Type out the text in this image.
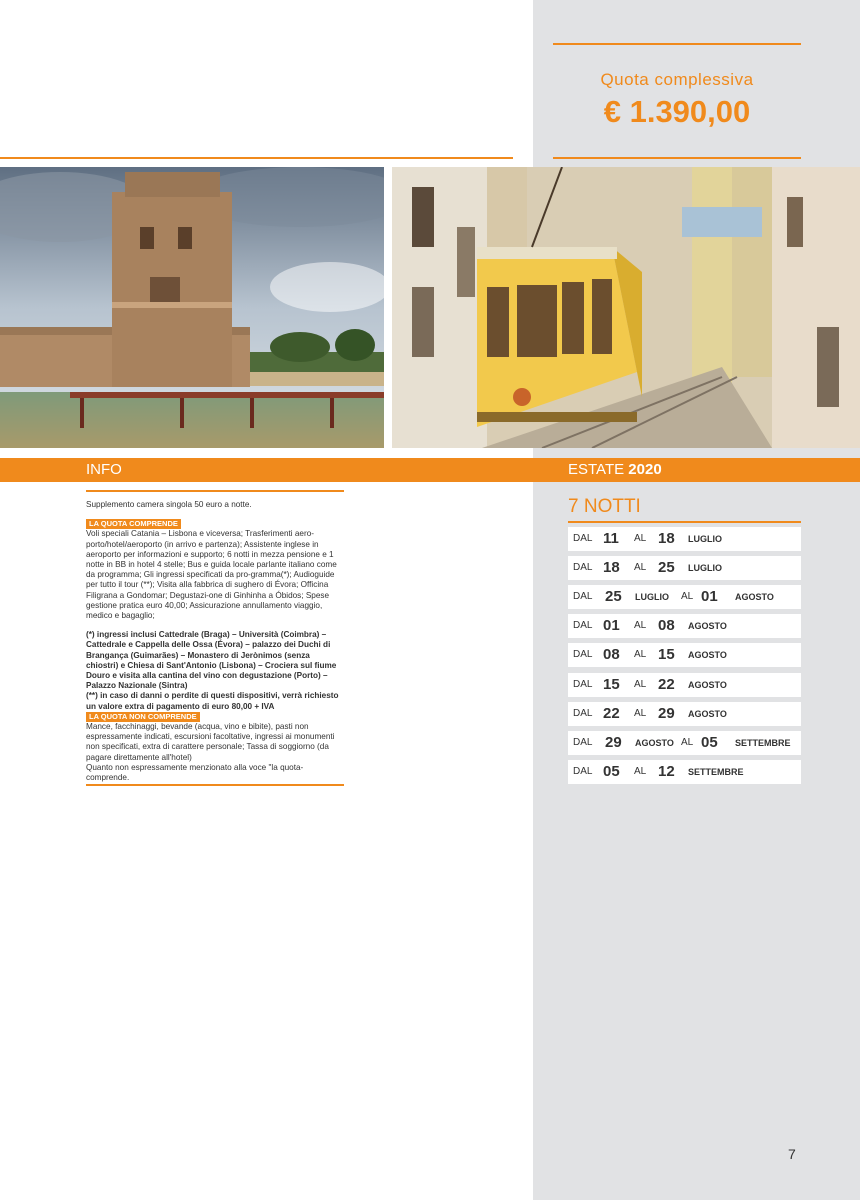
Quota complessiva
€ 1.390,00
INFO	ESTATE 2020

Supplemento camera singola 50 euro a notte.

LA QUOTA COMPRENDE

Voli speciali Catania – Lisbona e viceversa; Trasferimenti aero-porto/hotel/aeroporto (in arrivo e partenza); Assistente inglese in aeroporto per informazioni e supporto; 6 notti in mezza pensione e 1 notte in BB in hotel 4 stelle; Bus e guida locale parlante italiano come da programma; Gli ingressi specificati da pro-gramma(*); Audioguide per tutto il tour (**); Visita alla fabbrica di sughero di Évora; Officina Filigrana a Gondomar; Degustazi-one di Ginhinha a Óbidos; Spese gestione pratica euro 40,00; Assicurazione annullamento viaggio, medico e bagaglio;

(*) ingressi inclusi Cattedrale (Braga) – Università (Coimbra) – Cattedrale e Cappella delle Ossa (Évora) – palazzo dei Duchi di Brangança (Guimarães) – Monastero di Jerònimos (senza chiostri) e Chiesa di Sant'Antonio (Lisbona) – Crociera sul fiume Douro e visita alla cantina del vino con degustazione (Porto) – Palazzo Nazionale (Sintra)

(**) in caso di danni o perdite di questi dispositivi, verrà richiesto un valore extra di pagamento di euro 80,00 + IVA

LA QUOTA NON COMPRENDE

Mance, facchinaggi, bevande (acqua, vino e bibite), pasti non espressamente indicati, escursioni facoltative, ingressi ai monumenti non specificati, extra di carattere personale; Tassa di soggiorno (da pagare direttamente all'hotel)

Quanto non espressamente menzionato alla voce "la quota-comprende.

7 NOTTI
DAL 11 AL 18 LUGLIO
DAL 18 AL 25 LUGLIO
DAL 25 LUGLIO AL 01 AGOSTO
DAL 01 AL 08 AGOSTO
DAL 08 AL 15 AGOSTO
DAL 15 AL 22 AGOSTO
DAL 22 AL 29 AGOSTO
DAL 29 AGOSTO AL 05 SETTEMBRE
DAL 05 AL 12 SETTEMBRE
7
